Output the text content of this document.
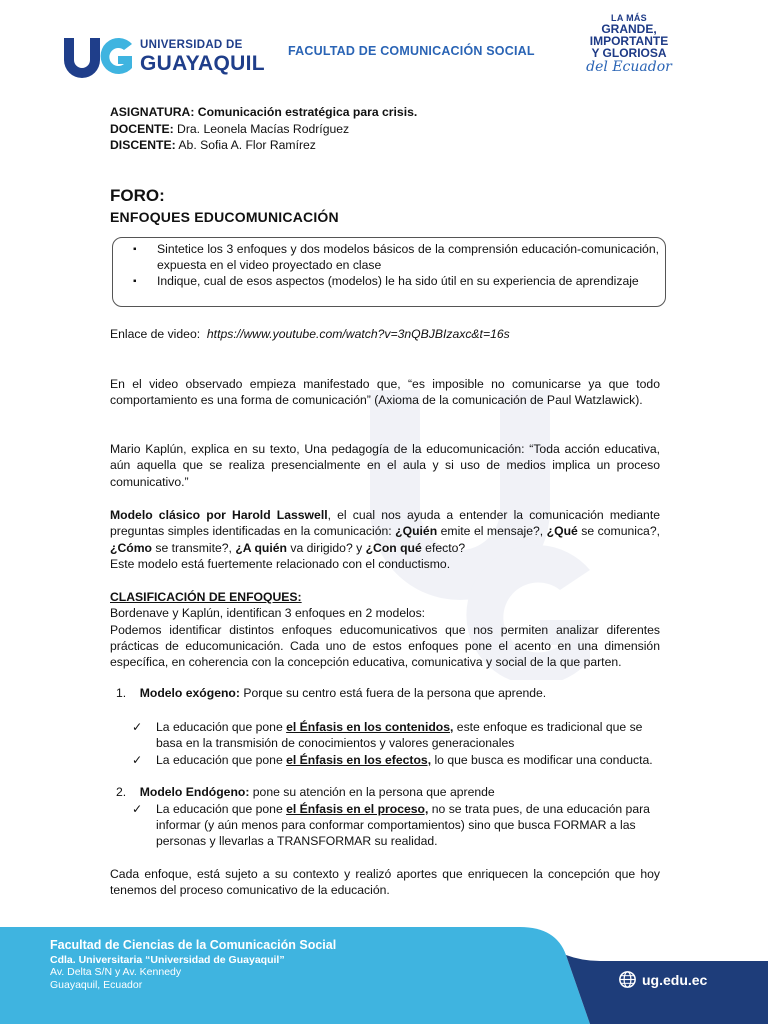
UNIVERSIDAD DE
GUAYAQUIL
FACULTAD DE COMUNICACIÓN SOCIAL
LA MÁS
GRANDE,
IMPORTANTE
Y GLORIOSA
del Ecuador
ASIGNATURA: Comunicación estratégica para crisis.
DOCENTE: Dra. Leonela Macías Rodríguez
DISCENTE: Ab. Sofia A. Flor Ramírez
FORO:
ENFOQUES EDUCOMUNICACIÓN
▪ Sintetice los 3 enfoques y dos modelos básicos de la comprensión educación-comunicación, expuesta en el video proyectado en clase
▪ Indique, cual de esos aspectos (modelos) le ha sido útil en su experiencia de aprendizaje
Enlace de video: https://www.youtube.com/watch?v=3nQBJBIzaxc&t=16s
En el video observado empieza manifestado que, “es imposible no comunicarse ya que todo comportamiento es una forma de comunicación” (Axioma de la comunicación de Paul Watzlawick).
Mario Kaplún, explica en su texto, Una pedagogía de la educomunicación: “Toda acción educativa, aún aquella que se realiza presencialmente en el aula y si uso de medios implica un proceso comunicativo.”
Modelo clásico por Harold Lasswell, el cual nos ayuda a entender la comunicación mediante preguntas simples identificadas en la comunicación: ¿Quién emite el mensaje?, ¿Qué se comunica?, ¿Cómo se transmite?, ¿A quién va dirigido? y ¿Con qué efecto?
Este modelo está fuertemente relacionado con el conductismo.
CLASIFICACIÓN DE ENFOQUES:
Bordenave y Kaplún, identifican 3 enfoques en 2 modelos:
Podemos identificar distintos enfoques educomunicativos que nos permiten analizar diferentes prácticas de educomunicación. Cada uno de estos enfoques pone el acento en una dimensión específica, en coherencia con la concepción educativa, comunicativa y social de la que parten.
1. Modelo exógeno: Porque su centro está fuera de la persona que aprende.
✓ La educación que pone el Énfasis en los contenidos, este enfoque es tradicional que se basa en la transmisión de conocimientos y valores generacionales
✓ La educación que pone el Énfasis en los efectos, lo que busca es modificar una conducta.
2. Modelo Endógeno: pone su atención en la persona que aprende
✓ La educación que pone el Énfasis en el proceso, no se trata pues, de una educación para informar (y aún menos para conformar comportamientos) sino que busca FORMAR a las personas y llevarlas a TRANSFORMAR su realidad.
Cada enfoque, está sujeto a su contexto y realizó aportes que enriquecen la concepción que hoy tenemos del proceso comunicativo de la educación.
Facultad de Ciencias de la Comunicación Social
Cdla. Universitaria “Universidad de Guayaquil”
Av. Delta S/N y Av. Kennedy
Guayaquil, Ecuador	ug.edu.ec
